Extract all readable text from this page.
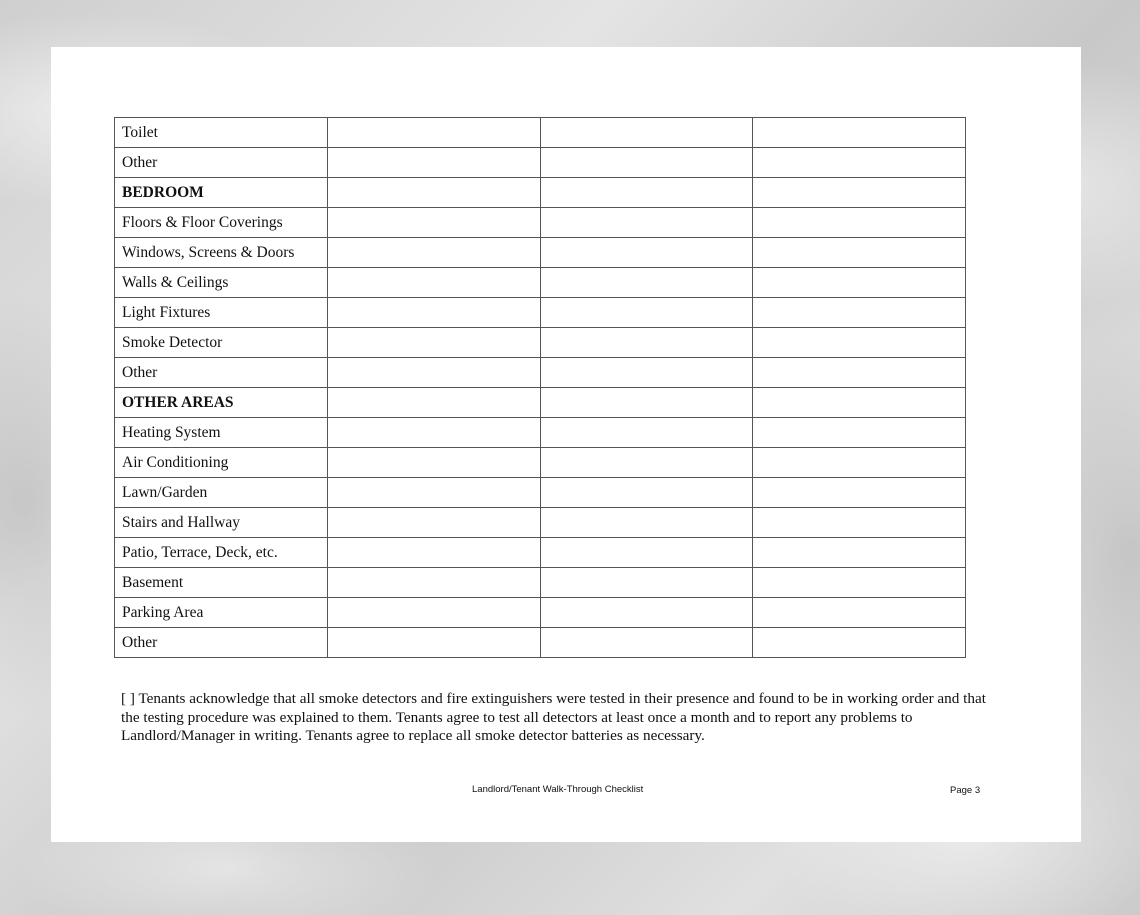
Toilet			
Other			
BEDROOM			
Floors & Floor Coverings			
Windows, Screens & Doors			
Walls & Ceilings			
Light Fixtures			
Smoke Detector			
Other			
OTHER AREAS			
Heating System			
Air Conditioning			
Lawn/Garden			
Stairs and Hallway			
Patio, Terrace, Deck, etc.			
Basement			
Parking Area			
Other			

[ ] Tenants acknowledge that all smoke detectors and fire extinguishers were tested in their presence and found to be in working order and that the testing procedure was explained to them. Tenants agree to test all detectors at least once a month and to report any problems to Landlord/Manager in writing. Tenants agree to replace all smoke detector batteries as necessary.

Landlord/Tenant Walk-Through Checklist	Page 3
